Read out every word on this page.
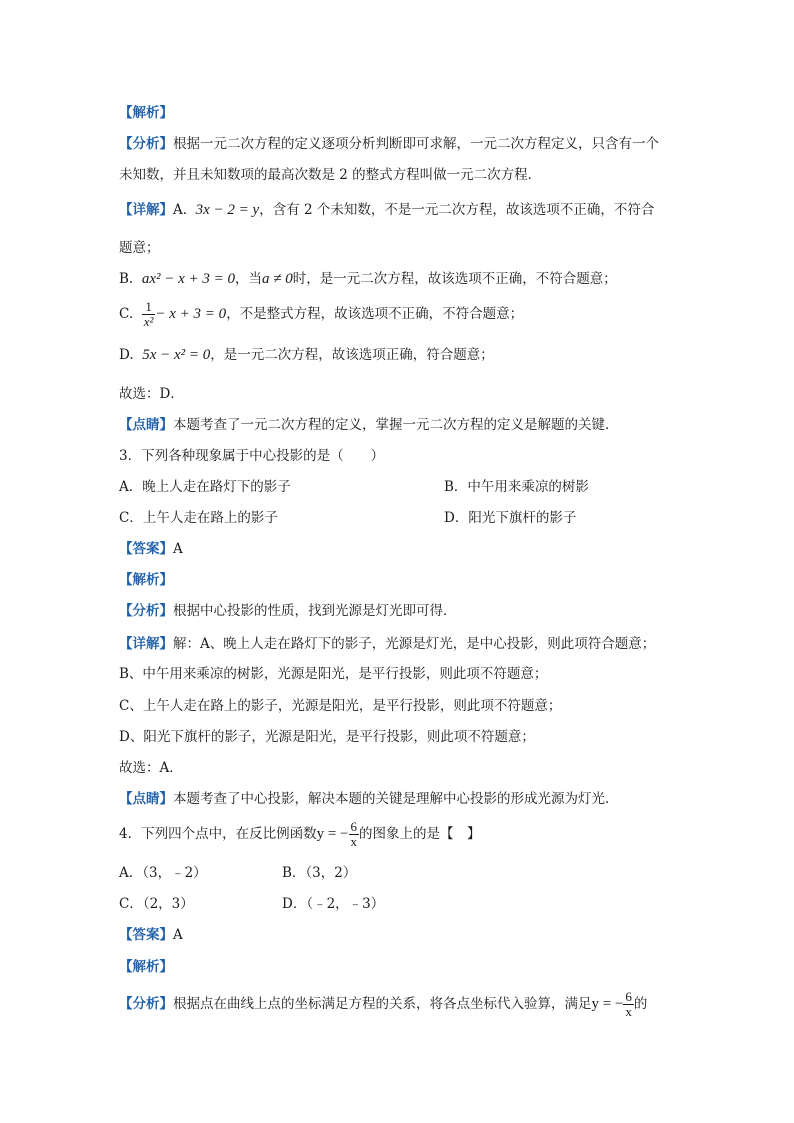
【解析】
【分析】根据一元二次方程的定义逐项分析判断即可求解，一元二次方程定义，只含有一个
未知数，并且未知数项的最高次数是 2 的整式方程叫做一元二次方程．
【详解】A. 3x − 2 = y，含有 2 个未知数，不是一元二次方程，故该选项不正确，不符合
题意；
B. ax² − x + 3 = 0，当a ≠ 0时，是一元二次方程，故该选项不正确，不符合题意；
C. $\frac{1}{\text{x²}} - x + 3 = 0$，不是整式方程，故该选项不正确，不符合题意；
D. 5x − x² = 0，是一元二次方程，故该选项正确，符合题意；
故选：D．
【点睛】本题考查了一元二次方程的定义，掌握一元二次方程的定义是解题的关键．
3．下列各种现象属于中心投影的是（　　）
A．晚上人走在路灯下的影子	B．中午用来乘凉的树影
C．上午人走在路上的影子	D．阳光下旗杆的影子
【答案】A
【解析】
【分析】根据中心投影的性质，找到光源是灯光即可得．
【详解】解：A、晚上人走在路灯下的影子，光源是灯光，是中心投影，则此项符合题意；
B、中午用来乘凉的树影，光源是阳光，是平行投影，则此项不符题意；
C、上午人走在路上的影子，光源是阳光，是平行投影，则此项不符题意；
D、阳光下旗杆的影子，光源是阳光，是平行投影，则此项不符题意；
故选：A．
【点睛】本题考查了中心投影，解决本题的关键是理解中心投影的形成光源为灯光．
4．下列四个点中，在反比例函数y = − $\frac{6}{x}$ 的图象上的是【　】
A．（3，﹣2）	B．（3，2）
C．（2，3）	D．（﹣2，﹣3）
【答案】A
【解析】
【分析】根据点在曲线上点的坐标满足方程的关系，将各点坐标代入验算，满足y = − $\frac{6}{x}$ 的
